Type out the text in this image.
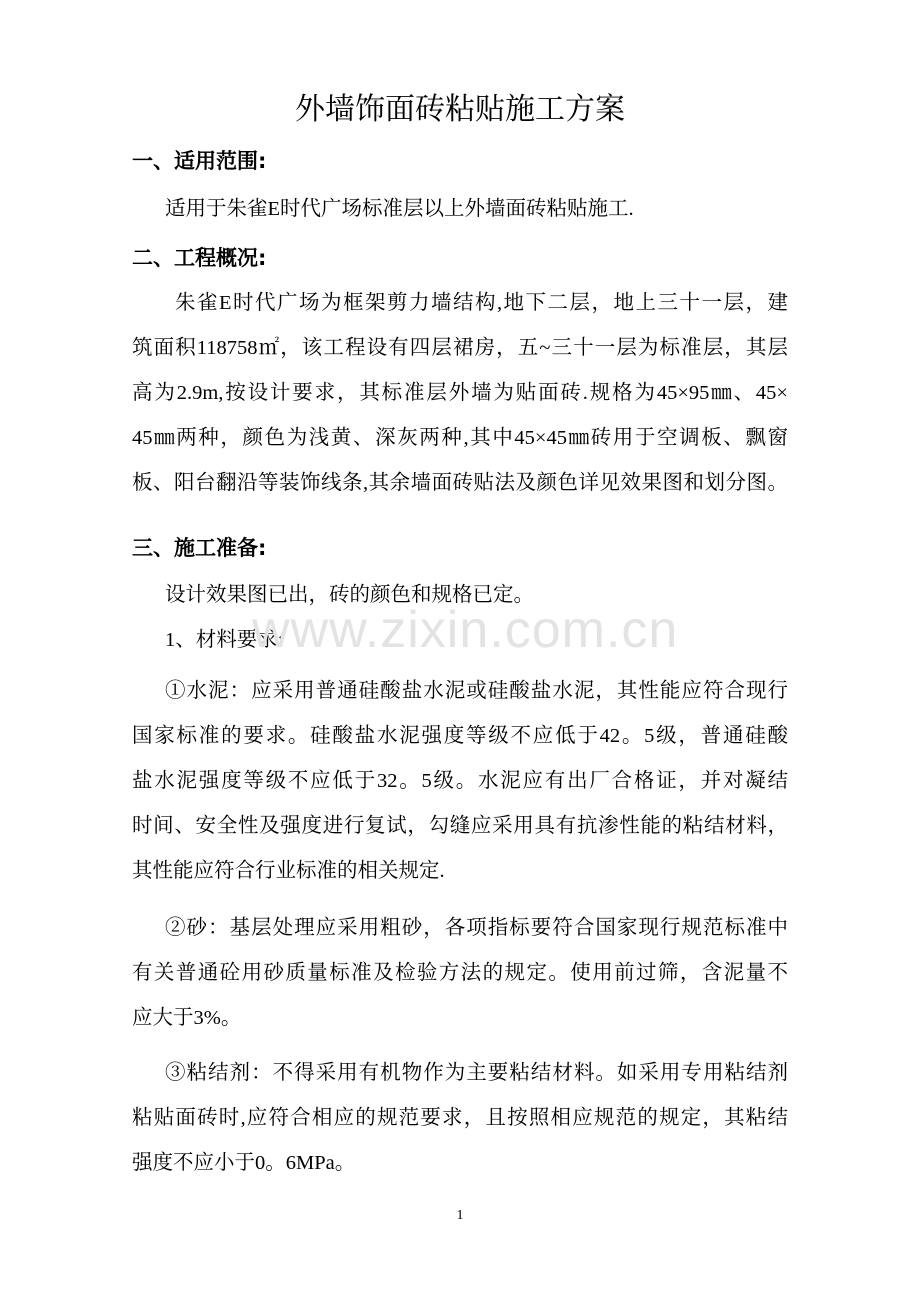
外墙饰面砖粘贴施工方案
一、适用范围:
适用于朱雀E时代广场标准层以上外墙面砖粘贴施工.
二、工程概况:
朱雀E时代广场为框架剪力墙结构,地下二层，地上三十一层，建
筑面积118758㎡，该工程设有四层裙房，五~三十一层为标准层，其层
高为2.9m,按设计要求，其标准层外墙为贴面砖.规格为45×95㎜、45×
45㎜两种，颜色为浅黄、深灰两种,其中45×45㎜砖用于空调板、飘窗
板、阳台翻沿等装饰线条,其余墙面砖贴法及颜色详见效果图和划分图。
三、施工准备:
设计效果图已出，砖的颜色和规格已定。
1、材料要求:
①水泥：应采用普通硅酸盐水泥或硅酸盐水泥，其性能应符合现行
国家标准的要求。硅酸盐水泥强度等级不应低于42。5级，普通硅酸
盐水泥强度等级不应低于32。5级。水泥应有出厂合格证，并对凝结
时间、安全性及强度进行复试，勾缝应采用具有抗渗性能的粘结材料，
其性能应符合行业标准的相关规定.
②砂：基层处理应采用粗砂，各项指标要符合国家现行规范标准中
有关普通砼用砂质量标准及检验方法的规定。使用前过筛，含泥量不
应大于3%。
③粘结剂：不得采用有机物作为主要粘结材料。如采用专用粘结剂
粘贴面砖时,应符合相应的规范要求，且按照相应规范的规定，其粘结
强度不应小于0。6MPa。
www.zixin.com.cn
1
